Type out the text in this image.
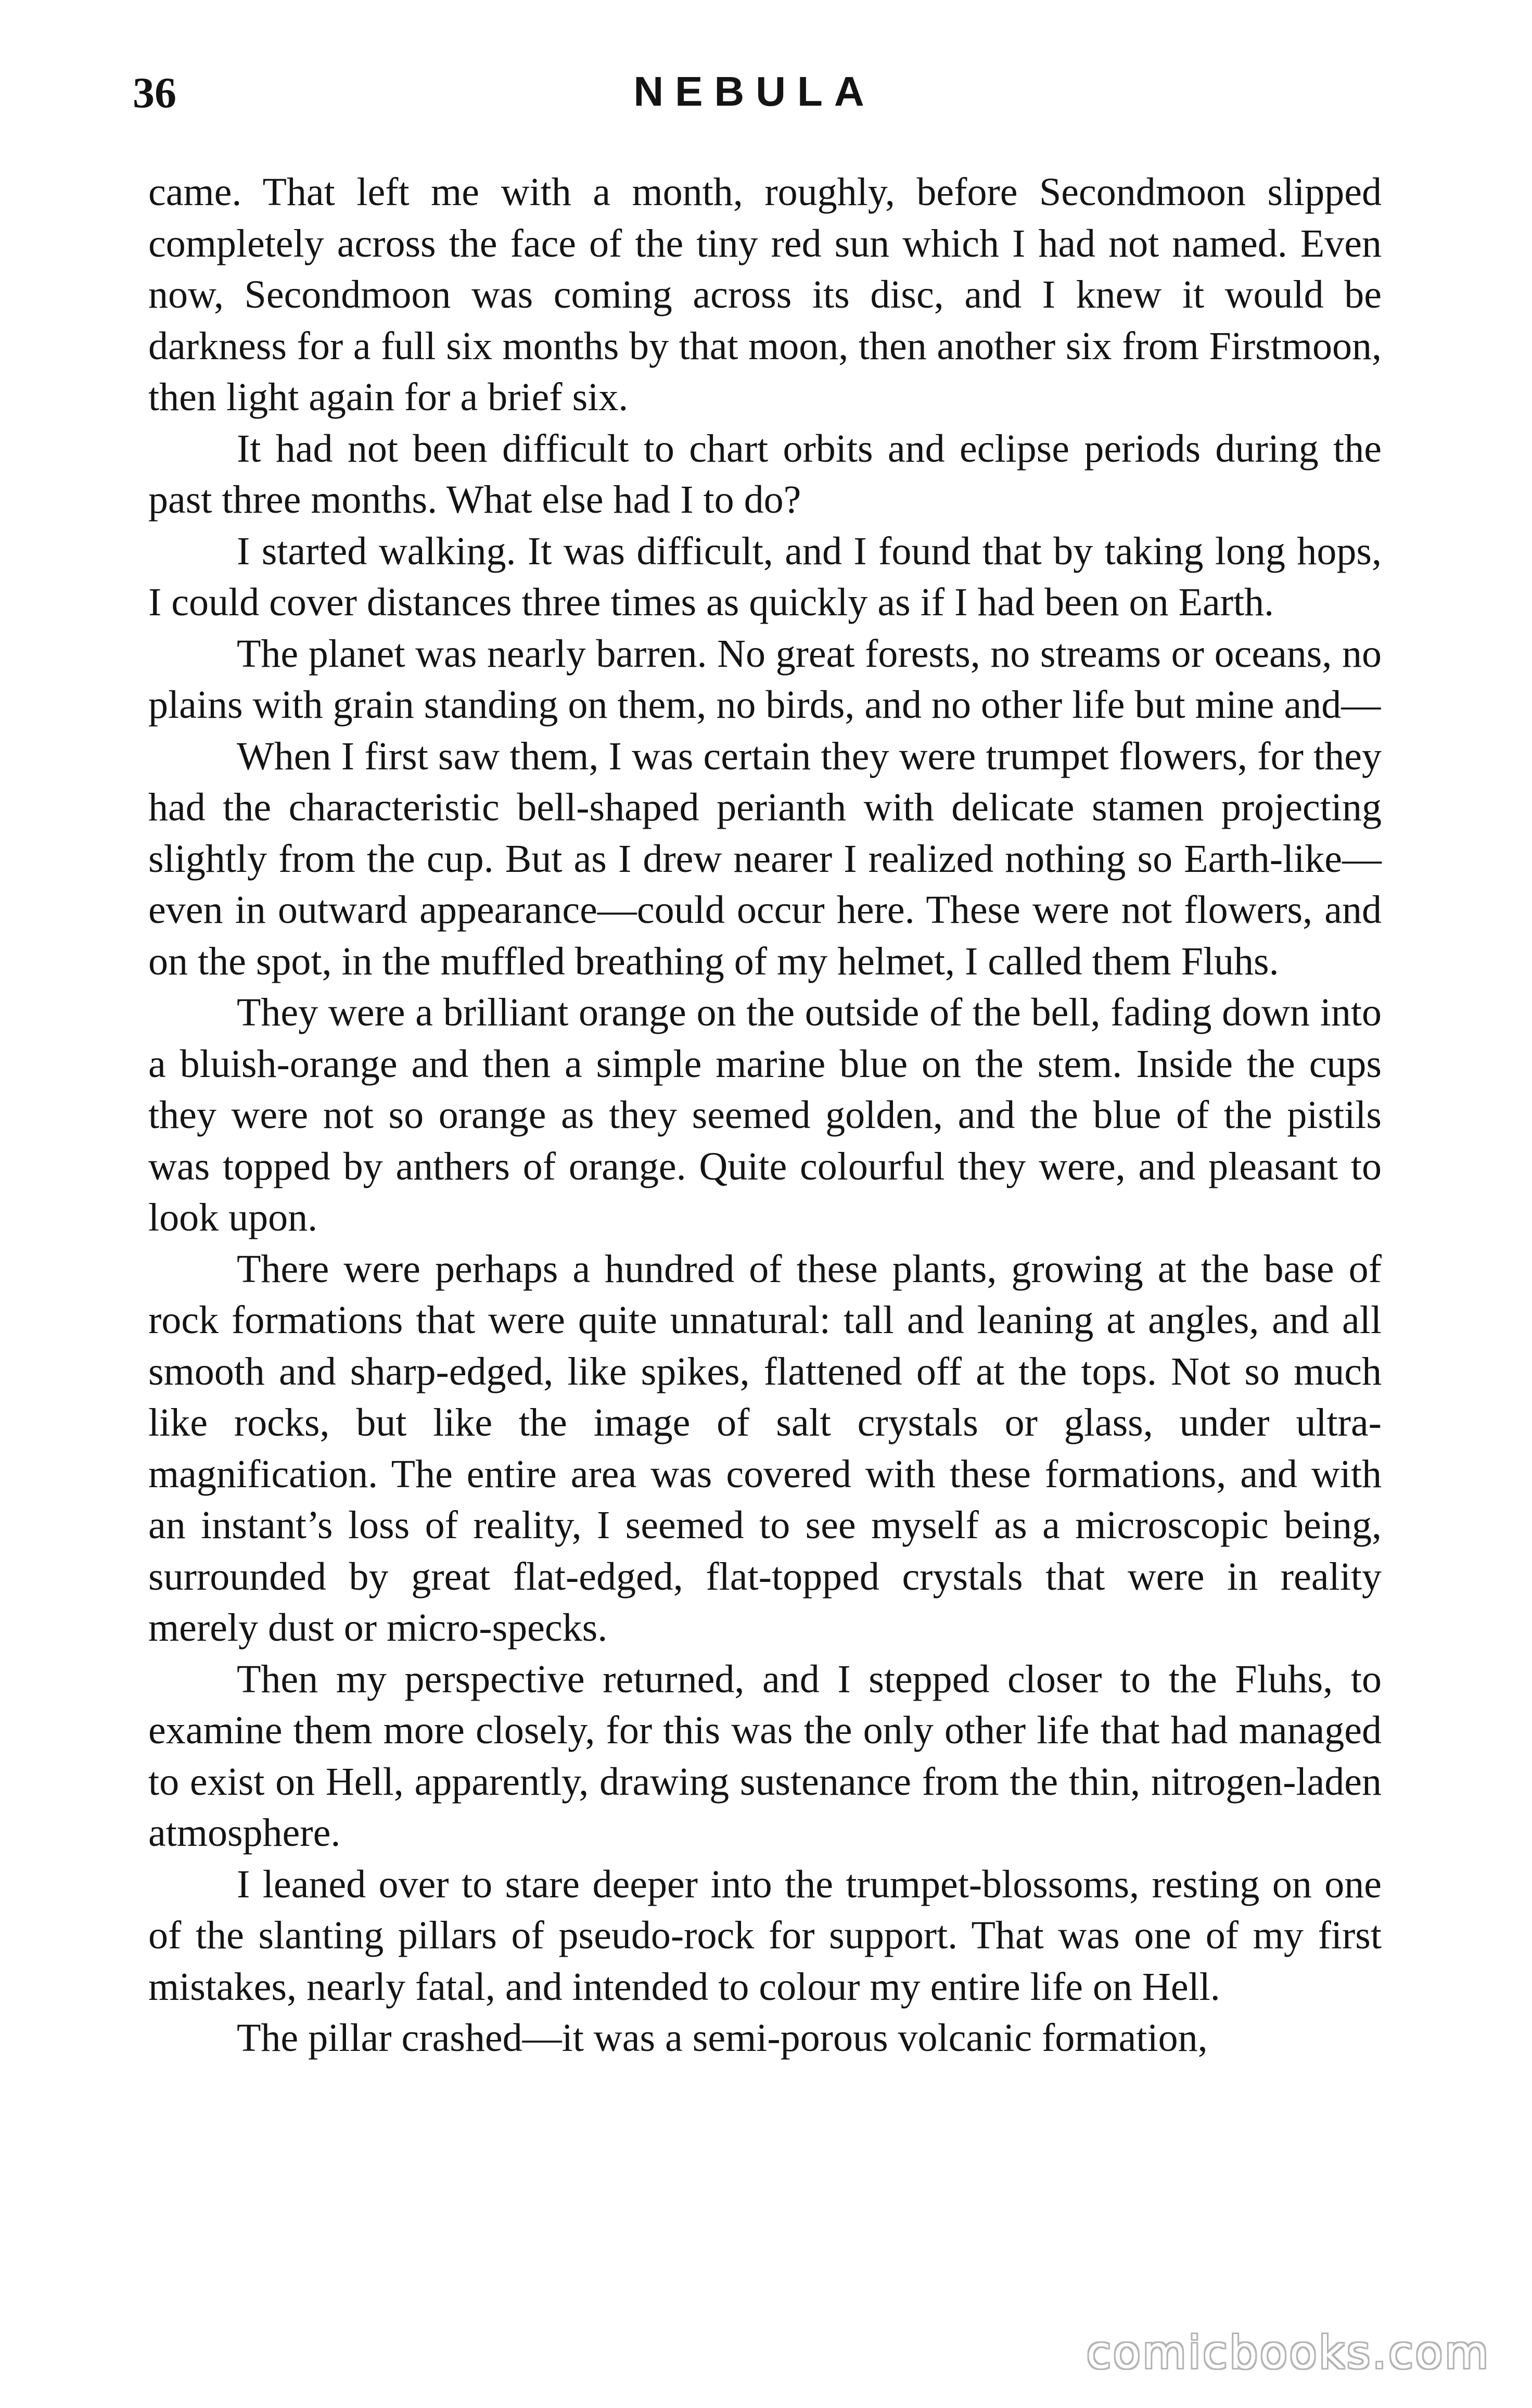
36	NEBULA

came. That left me with a month, roughly, before Secondmoon slipped completely across the face of the tiny red sun which I had not named. Even now, Secondmoon was coming across its disc, and I knew it would be darkness for a full six months by that moon, then another six from Firstmoon, then light again for a brief six.

It had not been difficult to chart orbits and eclipse periods during the past three months. What else had I to do?

I started walking. It was difficult, and I found that by taking long hops, I could cover distances three times as quickly as if I had been on Earth.

The planet was nearly barren. No great forests, no streams or oceans, no plains with grain standing on them, no birds, and no other life but mine and—

When I first saw them, I was certain they were trumpet flowers, for they had the characteristic bell-shaped perianth with delicate stamen projecting slightly from the cup. But as I drew nearer I realized nothing so Earth-like—even in outward appearance—could occur here. These were not flowers, and on the spot, in the muffled breathing of my helmet, I called them Fluhs.

They were a brilliant orange on the outside of the bell, fading down into a bluish-orange and then a simple marine blue on the stem. Inside the cups they were not so orange as they seemed golden, and the blue of the pistils was topped by anthers of orange. Quite colourful they were, and pleasant to look upon.

There were perhaps a hundred of these plants, growing at the base of rock formations that were quite unnatural: tall and leaning at angles, and all smooth and sharp-edged, like spikes, flattened off at the tops. Not so much like rocks, but like the image of salt crystals or glass, under ultra-magnification. The entire area was covered with these formations, and with an instant’s loss of reality, I seemed to see myself as a microscopic being, surrounded by great flat-edged, flat-topped crystals that were in reality merely dust or micro-specks.

Then my perspective returned, and I stepped closer to the Fluhs, to examine them more closely, for this was the only other life that had managed to exist on Hell, apparently, drawing sustenance from the thin, nitrogen-laden atmosphere.

I leaned over to stare deeper into the trumpet-blossoms, resting on one of the slanting pillars of pseudo-rock for support. That was one of my first mistakes, nearly fatal, and intended to colour my entire life on Hell.

The pillar crashed—it was a semi-porous volcanic formation,

comicbooks.com
